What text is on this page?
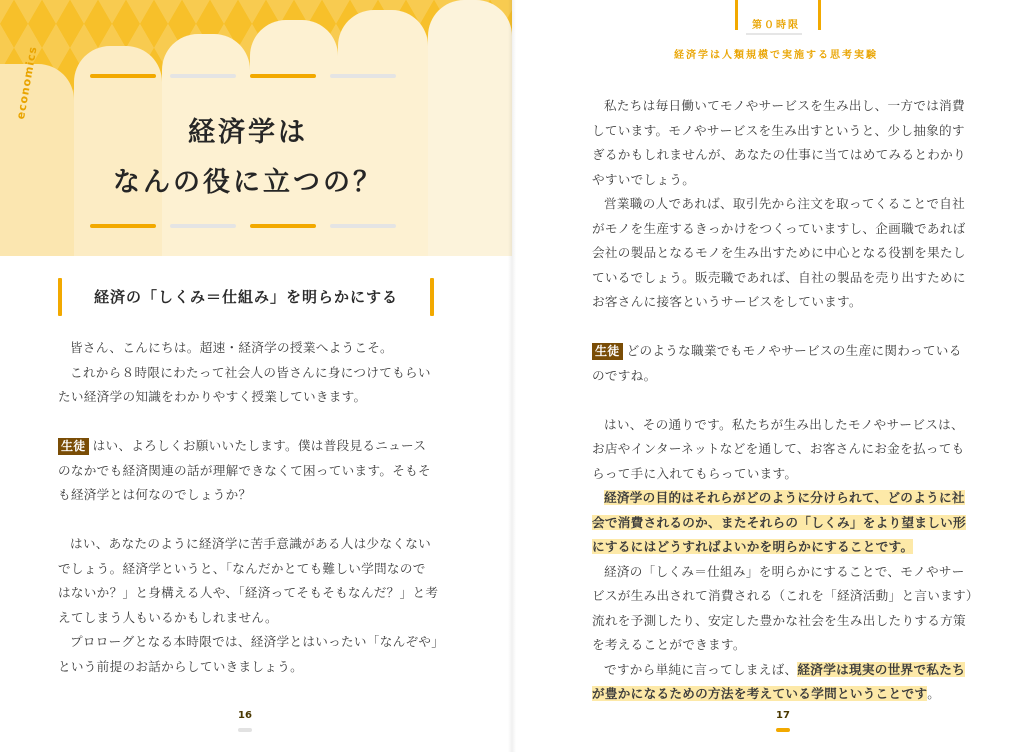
economics
経済学は
なんの役に立つの？
経済の「しくみ＝仕組み」を明らかにする

皆さん、こんにちは。超速・経済学の授業へようこそ。

これから８時限にわたって社会人の皆さんに身につけてもらい

たい経済学の知識をわかりやすく授業していきます。

生徒 はい、よろしくお願いいたします。僕は普段見るニュース

のなかでも経済関連の話が理解できなくて困っています。そもそ

も経済学とは何なのでしょうか？

はい、あなたのように経済学に苦手意識がある人は少なくない

でしょう。経済学というと、「なんだかとても難しい学問なので

はないか？」と身構える人や、「経済ってそもそもなんだ？」と考

えてしまう人もいるかもしれません。

プロローグとなる本時限では、経済学とはいったい「なんぞや」

という前提のお話からしていきましょう。

16
第０時限
経済学は人類規模で実施する思考実験

私たちは毎日働いてモノやサービスを生み出し、一方では消費

しています。モノやサービスを生み出すというと、少し抽象的す

ぎるかもしれませんが、あなたの仕事に当てはめてみるとわかり

やすいでしょう。

営業職の人であれば、取引先から注文を取ってくることで自社

がモノを生産するきっかけをつくっていますし、企画職であれば

会社の製品となるモノを生み出すために中心となる役割を果たし

ているでしょう。販売職であれば、自社の製品を売り出すために

お客さんに接客というサービスをしています。

生徒 どのような職業でもモノやサービスの生産に関わっている

のですね。

はい、その通りです。私たちが生み出したモノやサービスは、

お店やインターネットなどを通して、お客さんにお金を払っても

らって手に入れてもらっています。

経済学の目的はそれらがどのように分けられて、どのように社

会で消費されるのか、またそれらの「しくみ」をより望ましい形

にするにはどうすればよいかを明らかにすることです。

経済の「しくみ＝仕組み」を明らかにすることで、モノやサー

ビスが生み出されて消費される（これを「経済活動」と言います）

流れを予測したり、安定した豊かな社会を生み出したりする方策

を考えることができます。

ですから単純に言ってしまえば、経済学は現実の世界で私たち

が豊かになるための方法を考えている学問ということです。

17
